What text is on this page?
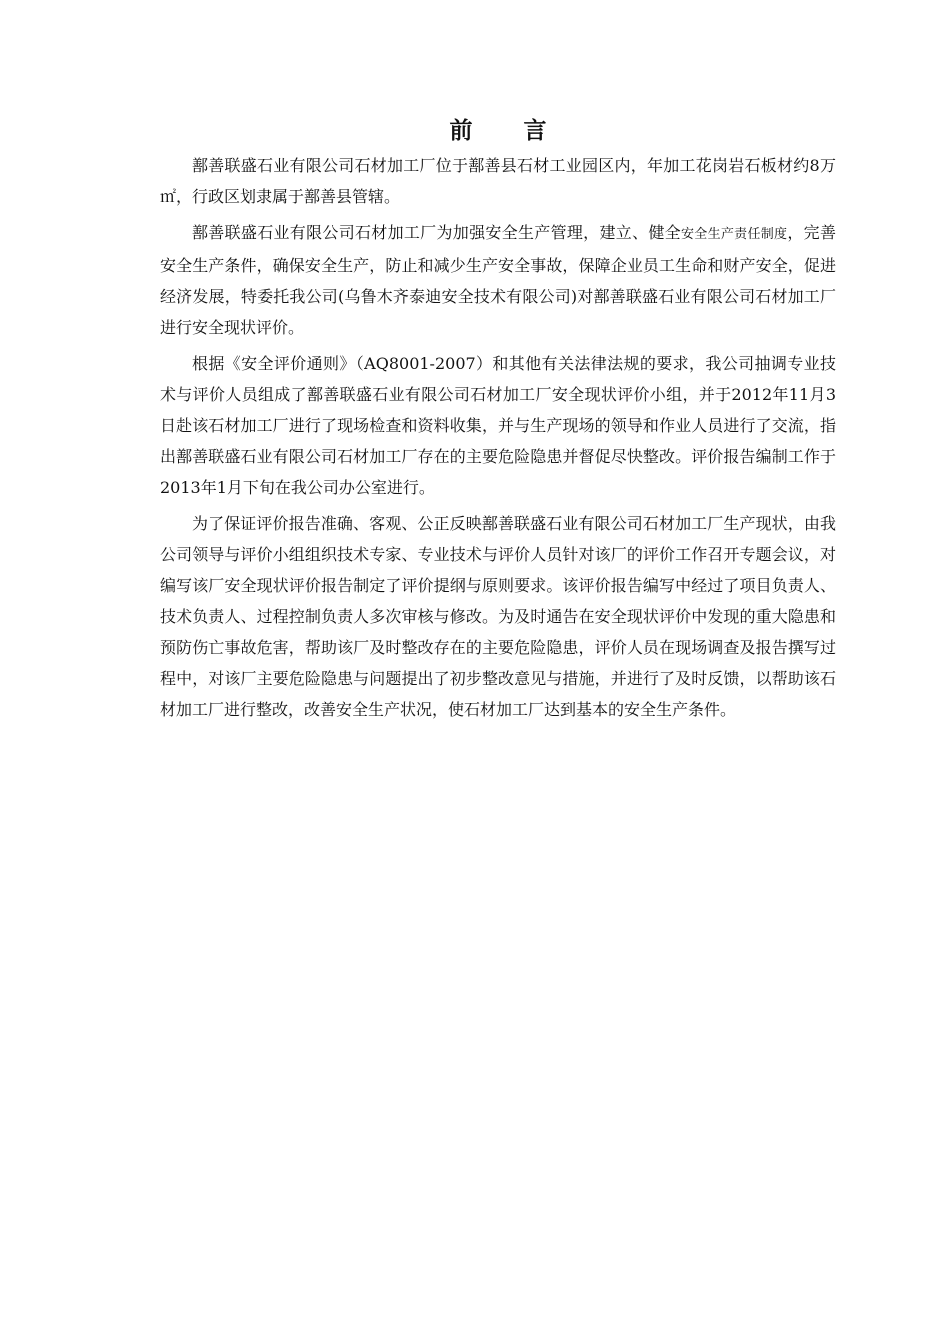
前　言

鄯善联盛石业有限公司石材加工厂位于鄯善县石材工业园区内，年加工花岗岩石板材约8万㎡，行政区划隶属于鄯善县管辖。

鄯善联盛石业有限公司石材加工厂为加强安全生产管理，建立、健全安全生产责任制度，完善安全生产条件，确保安全生产，防止和减少生产安全事故，保障企业员工生命和财产安全，促进经济发展，特委托我公司(乌鲁木齐泰迪安全技术有限公司)对鄯善联盛石业有限公司石材加工厂进行安全现状评价。

根据《安全评价通则》（AQ8001-2007）和其他有关法律法规的要求，我公司抽调专业技术与评价人员组成了鄯善联盛石业有限公司石材加工厂安全现状评价小组，并于2012年11月3日赴该石材加工厂进行了现场检查和资料收集，并与生产现场的领导和作业人员进行了交流，指出鄯善联盛石业有限公司石材加工厂存在的主要危险隐患并督促尽快整改。评价报告编制工作于2013年1月下旬在我公司办公室进行。

为了保证评价报告准确、客观、公正反映鄯善联盛石业有限公司石材加工厂生产现状，由我公司领导与评价小组组织技术专家、专业技术与评价人员针对该厂的评价工作召开专题会议，对编写该厂安全现状评价报告制定了评价提纲与原则要求。该评价报告编写中经过了项目负责人、技术负责人、过程控制负责人多次审核与修改。为及时通告在安全现状评价中发现的重大隐患和预防伤亡事故危害，帮助该厂及时整改存在的主要危险隐患，评价人员在现场调查及报告撰写过程中，对该厂主要危险隐患与问题提出了初步整改意见与措施，并进行了及时反馈，以帮助该石材加工厂进行整改，改善安全生产状况，使石材加工厂达到基本的安全生产条件。
